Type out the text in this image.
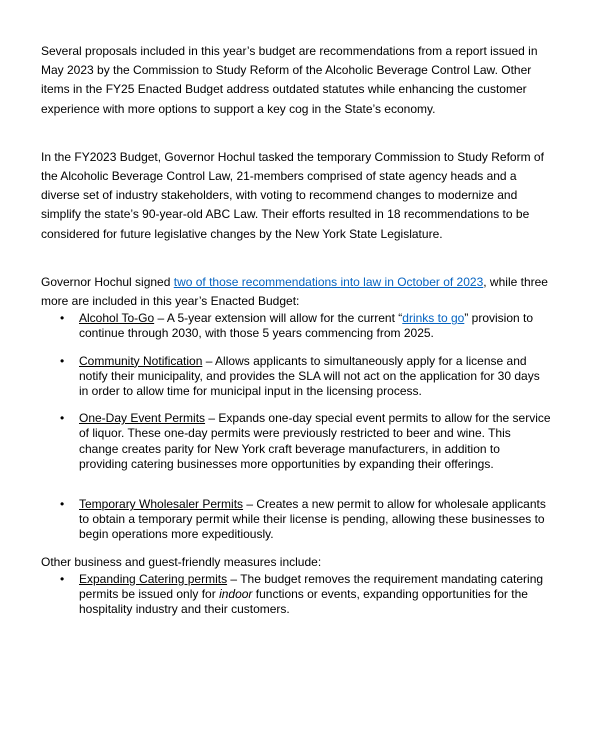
Several proposals included in this year’s budget are recommendations from a report issued in May 2023 by the Commission to Study Reform of the Alcoholic Beverage Control Law. Other items in the FY25 Enacted Budget address outdated statutes while enhancing the customer experience with more options to support a key cog in the State’s economy.

In the FY2023 Budget, Governor Hochul tasked the temporary Commission to Study Reform of the Alcoholic Beverage Control Law, 21-members comprised of state agency heads and a diverse set of industry stakeholders, with voting to recommend changes to modernize and simplify the state’s 90-year-old ABC Law. Their efforts resulted in 18 recommendations to be considered for future legislative changes by the New York State Legislature.

Governor Hochul signed two of those recommendations into law in October of 2023, while three more are included in this year’s Enacted Budget:

• Alcohol To-Go – A 5-year extension will allow for the current “drinks to go” provision to continue through 2030, with those 5 years commencing from 2025.
• Community Notification – Allows applicants to simultaneously apply for a license and notify their municipality, and provides the SLA will not act on the application for 30 days in order to allow time for municipal input in the licensing process.
• One-Day Event Permits – Expands one-day special event permits to allow for the service of liquor. These one-day permits were previously restricted to beer and wine. This change creates parity for New York craft beverage manufacturers, in addition to providing catering businesses more opportunities by expanding their offerings.
• Temporary Wholesaler Permits – Creates a new permit to allow for wholesale applicants to obtain a temporary permit while their license is pending, allowing these businesses to begin operations more expeditiously.

Other business and guest-friendly measures include:

• Expanding Catering permits – The budget removes the requirement mandating catering permits be issued only for indoor functions or events, expanding opportunities for the hospitality industry and their customers.
